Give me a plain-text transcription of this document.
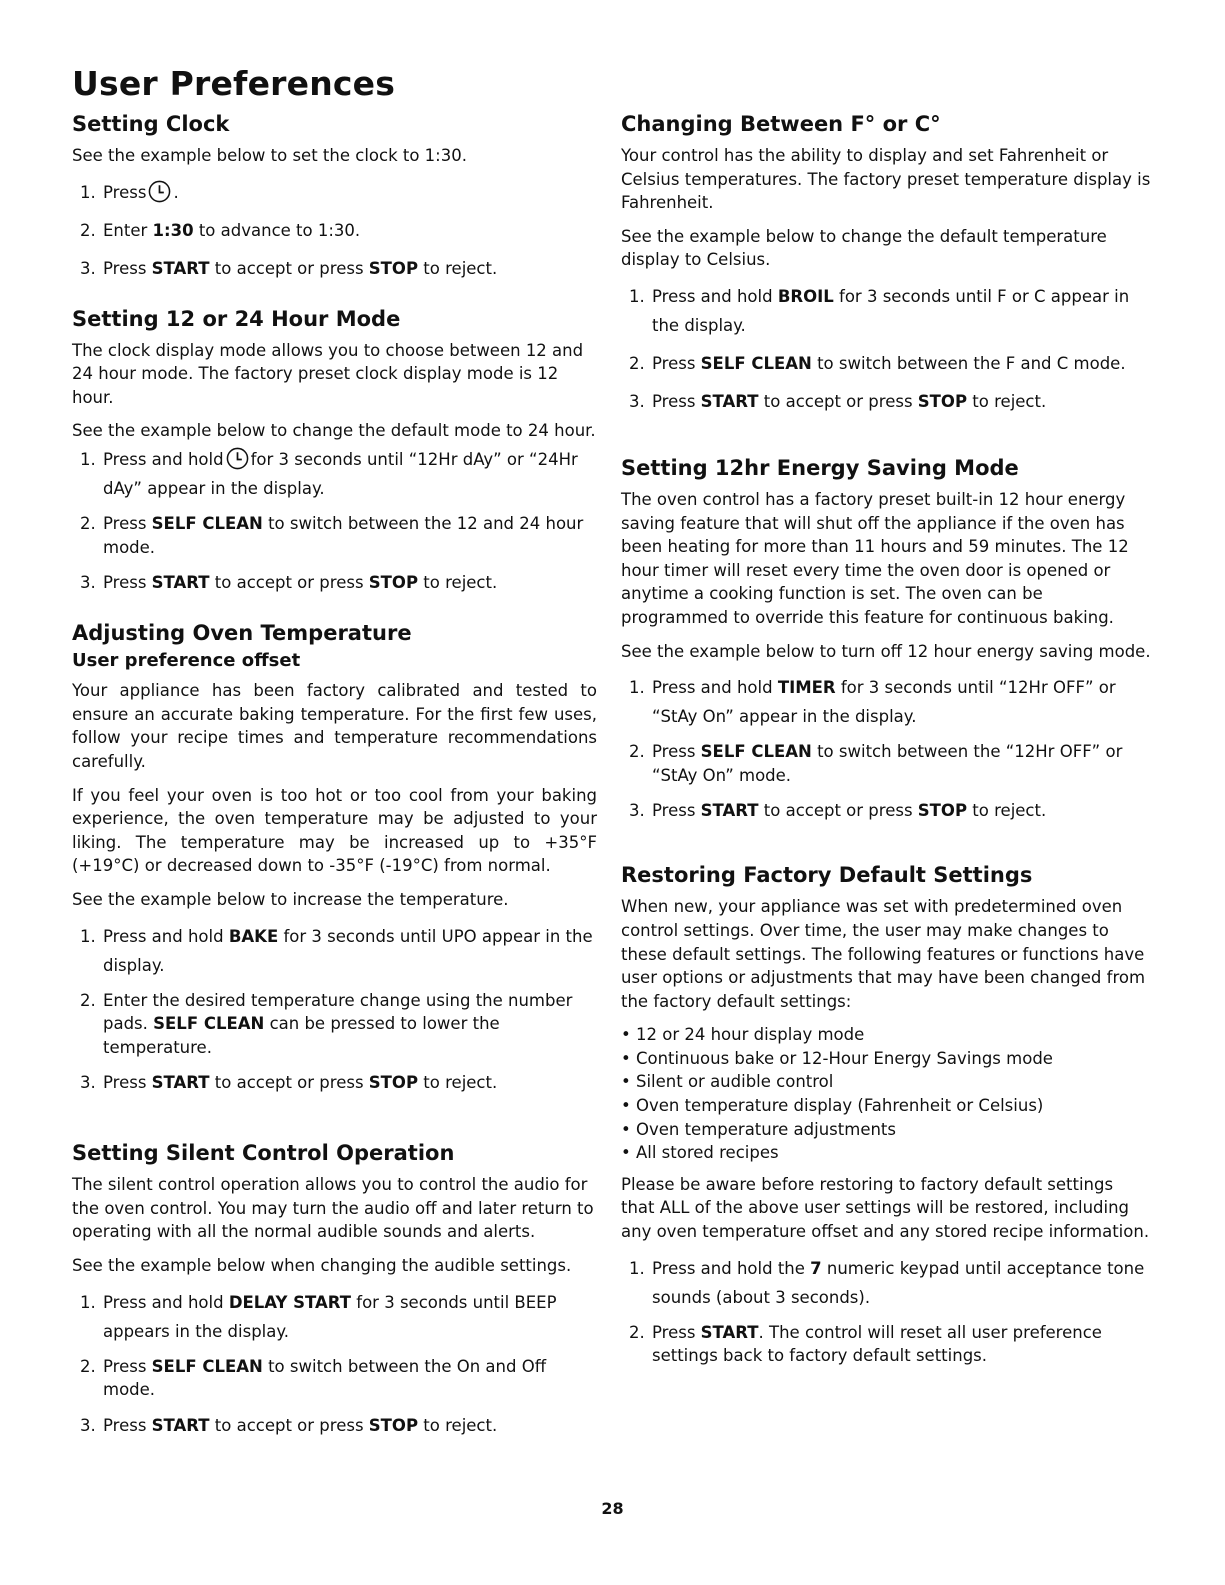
User Preferences
Setting Clock

See the example below to set the clock to 1:30.

1. Press .
2. Enter 1:30 to advance to 1:30.
3. Press START to accept or press STOP to reject.
Setting 12 or 24 Hour Mode

The clock display mode allows you to choose between 12 and 24 hour mode. The factory preset clock display mode is 12 hour.

See the example below to change the default mode to 24 hour.

1. Press and hold for 3 seconds until “12Hr dAy” or “24Hr dAy” appear in the display.
2. Press SELF CLEAN to switch between the 12 and 24 hour mode.
3. Press START to accept or press STOP to reject.
Adjusting Oven Temperature
User preference offset

Your appliance has been factory calibrated and tested to ensure an accurate baking temperature. For the first few uses, follow your recipe times and temperature recommendations carefully.

If you feel your oven is too hot or too cool from your baking experience, the oven temperature may be adjusted to your liking. The temperature may be increased up to +35°F (+19°C) or decreased down to -35°F (-19°C) from normal.

See the example below to increase the temperature.

1. Press and hold BAKE for 3 seconds until UPO appear in the display.
2. Enter the desired temperature change using the number pads. SELF CLEAN can be pressed to lower the temperature.
3. Press START to accept or press STOP to reject.
Setting Silent Control Operation

The silent control operation allows you to control the audio for the oven control. You may turn the audio off and later return to operating with all the normal audible sounds and alerts.

See the example below when changing the audible settings.

1. Press and hold DELAY START for 3 seconds until BEEP appears in the display.
2. Press SELF CLEAN to switch between the On and Off mode.
3. Press START to accept or press STOP to reject.
Changing Between F° or C°

Your control has the ability to display and set Fahrenheit or Celsius temperatures. The factory preset temperature display is Fahrenheit.

See the example below to change the default temperature display to Celsius.

1. Press and hold BROIL for 3 seconds until F or C appear in the display.
2. Press SELF CLEAN to switch between the F and C mode.
3. Press START to accept or press STOP to reject.
Setting 12hr Energy Saving Mode

The oven control has a factory preset built-in 12 hour energy saving feature that will shut off the appliance if the oven has been heating for more than 11 hours and 59 minutes. The 12 hour timer will reset every time the oven door is opened or anytime a cooking function is set. The oven can be programmed to override this feature for continuous baking.

See the example below to turn off 12 hour energy saving mode.

1. Press and hold TIMER for 3 seconds until “12Hr OFF” or “StAy On” appear in the display.
2. Press SELF CLEAN to switch between the “12Hr OFF” or “StAy On” mode.
3. Press START to accept or press STOP to reject.
Restoring Factory Default Settings

When new, your appliance was set with predetermined oven control settings. Over time, the user may make changes to these default settings. The following features or functions have user options or adjustments that may have been changed from the factory default settings:

• 12 or 24 hour display mode
• Continuous bake or 12-Hour Energy Savings mode
• Silent or audible control
• Oven temperature display (Fahrenheit or Celsius)
• Oven temperature adjustments
• All stored recipes

Please be aware before restoring to factory default settings that ALL of the above user settings will be restored, including any oven temperature offset and any stored recipe information.

1. Press and hold the 7 numeric keypad until acceptance tone sounds (about 3 seconds).
2. Press START. The control will reset all user preference settings back to factory default settings.

28
